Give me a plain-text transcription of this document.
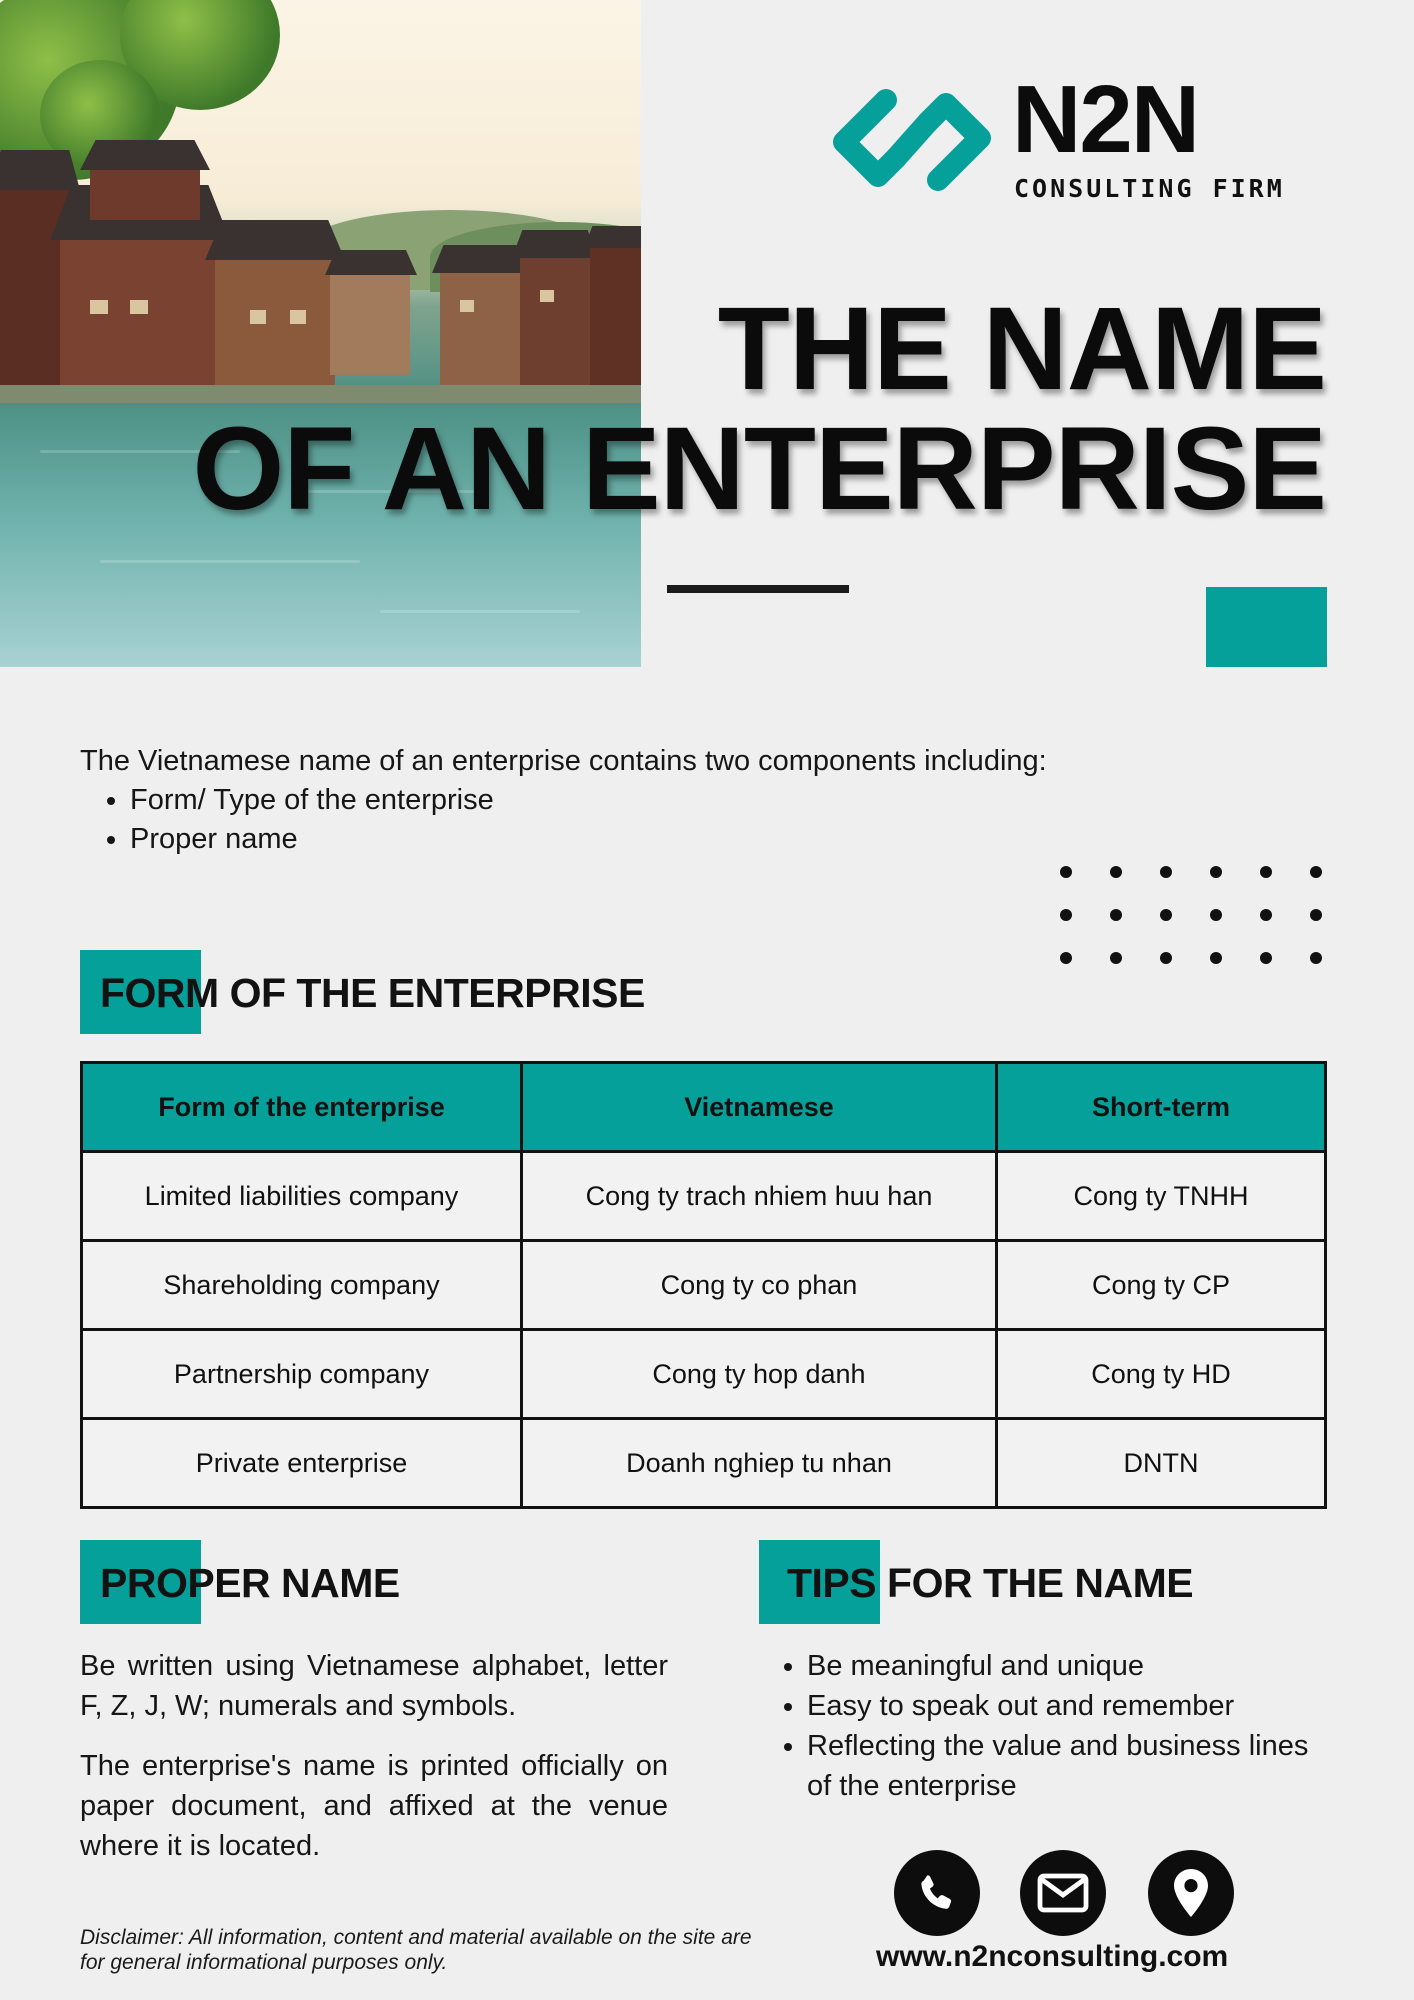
N2N
CONSULTING FIRM
THE NAME
OF AN ENTERPRISE
The Vietnamese name of an enterprise contains two components including:
• Form/ Type of the enterprise
• Proper name
FORM OF THE ENTERPRISE
Form of the enterprise	Vietnamese	Short-term
Limited liabilities company	Cong ty trach nhiem huu han	Cong ty TNHH
Shareholding company	Cong ty co phan	Cong ty CP
Partnership company	Cong ty hop danh	Cong ty HD
Private enterprise	Doanh nghiep tu nhan	DNTN
PROPER NAME

Be written using Vietnamese alphabet, letter F, Z, J, W; numerals and symbols.

The enterprise's name is printed officially on paper document, and affixed at the venue where it is located.

TIPS FOR THE NAME
• Be meaningful and unique
• Easy to speak out and remember
• Reflecting the value and business lines of the enterprise
Disclaimer: All information, content and material available on the site are for general informational purposes only.	www.n2nconsulting.com
